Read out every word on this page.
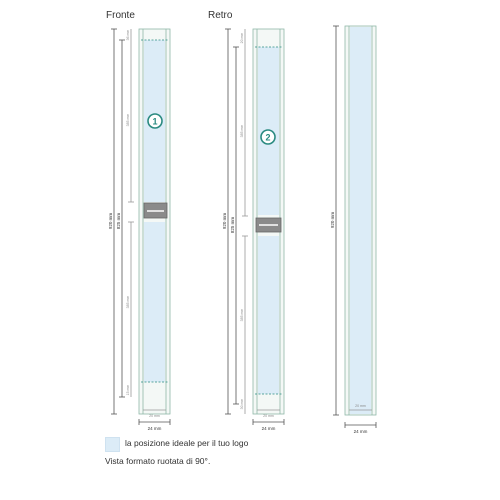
Fronte	Retro
1
2
920 mm 825 mm
36 mm
385 mm
385 mm
15 mm
20 mm
24 mm
920 mm 825 mm
20 mm
385 mm
385 mm
30 mm
20 mm
24 mm
920 mm
20 mm
24 mm
la posizione ideale per il tuo logo
Vista formato ruotata di 90°.
